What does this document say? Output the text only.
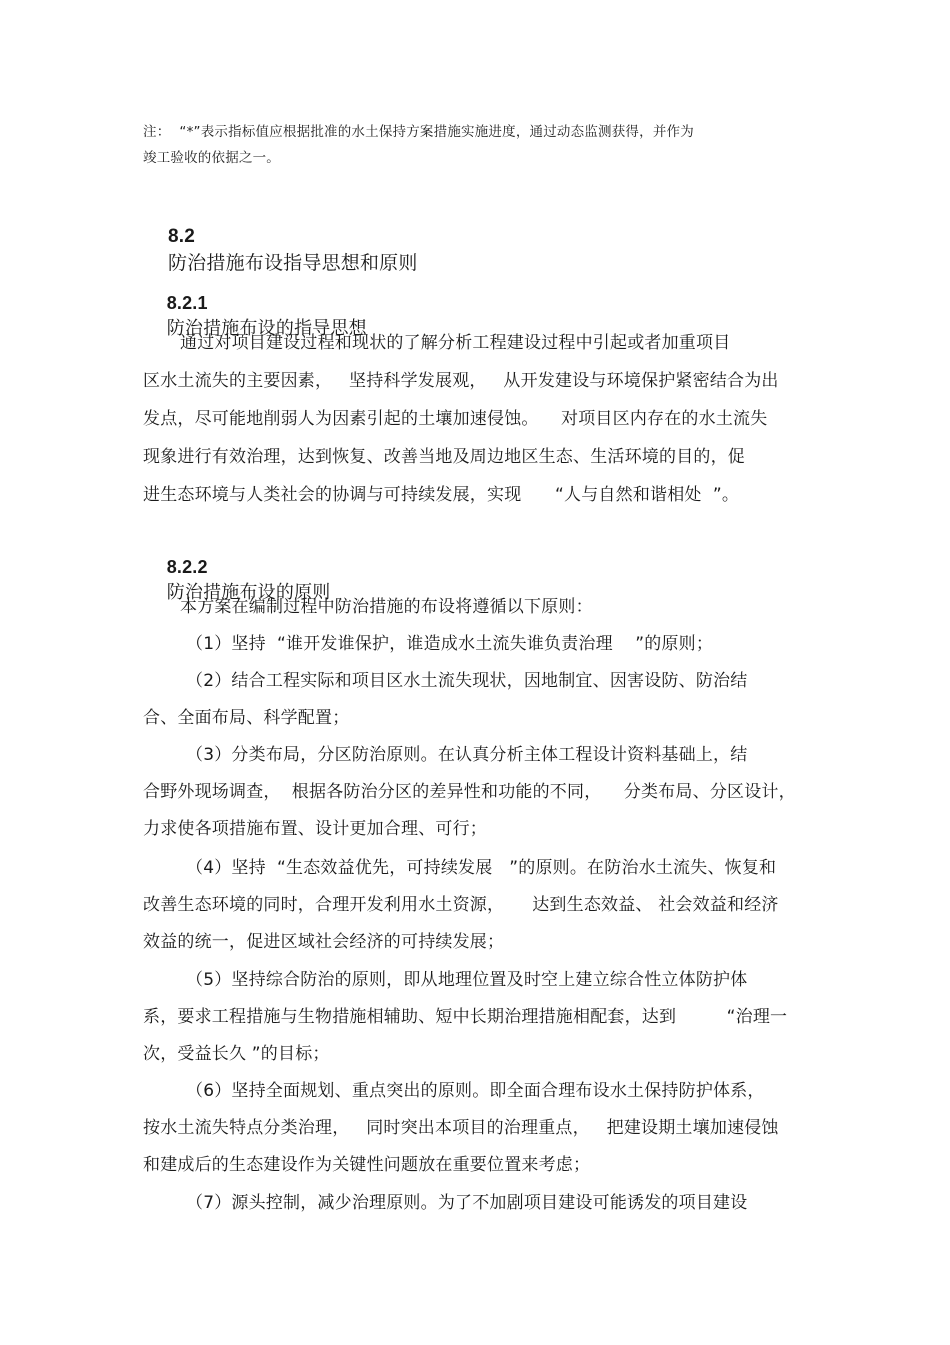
注：  “*”表示指标值应根据批准的水土保持方案措施实施进度，通过动态监测获得，并作为
竣工验收的依据之一。

8.2
防治措施布设指导思想和原则

8.2.1
防治措施布设的指导思想

通过对项目建设过程和现状的了解分析工程建设过程中引起或者加重项目
区水土流失的主要因素，   坚持科学发展观，   从开发建设与环境保护紧密结合为出
发点，尽可能地削弱人为因素引起的土壤加速侵蚀。    对项目区内存在的水土流失
现象进行有效治理，达到恢复、改善当地及周边地区生态、生活环境的目的，促
进生态环境与人类社会的协调与可持续发展，实现      “人与自然和谐相处  ”。

8.2.2
防治措施布设的原则

本方案在编制过程中防治措施的布设将遵循以下原则：
（1）坚持  “谁开发谁保护，谁造成水土流失谁负责治理    ”的原则；
（2）结合工程实际和项目区水土流失现状，因地制宜、因害设防、防治结
合、全面布局、科学配置；
（3）分类布局，分区防治原则。在认真分析主体工程设计资料基础上，结
合野外现场调查，  根据各防治分区的差异性和功能的不同，    分类布局、分区设计，
力求使各项措施布置、设计更加合理、可行；
（4）坚持  “生态效益优先，可持续发展   ”的原则。在防治水土流失、恢复和
改善生态环境的同时，合理开发利用水土资源，     达到生态效益、 社会效益和经济
效益的统一，促进区域社会经济的可持续发展；
（5）坚持综合防治的原则，即从地理位置及时空上建立综合性立体防护体
系，要求工程措施与生物措施相辅助、短中长期治理措施相配套，达到         “治理一
次，受益长久 ”的目标；
（6）坚持全面规划、重点突出的原则。即全面合理布设水土保持防护体系，
按水土流失特点分类治理，   同时突出本项目的治理重点，   把建设期土壤加速侵蚀
和建成后的生态建设作为关键性问题放在重要位置来考虑；
（7）源头控制，减少治理原则。为了不加剧项目建设可能诱发的项目建设
